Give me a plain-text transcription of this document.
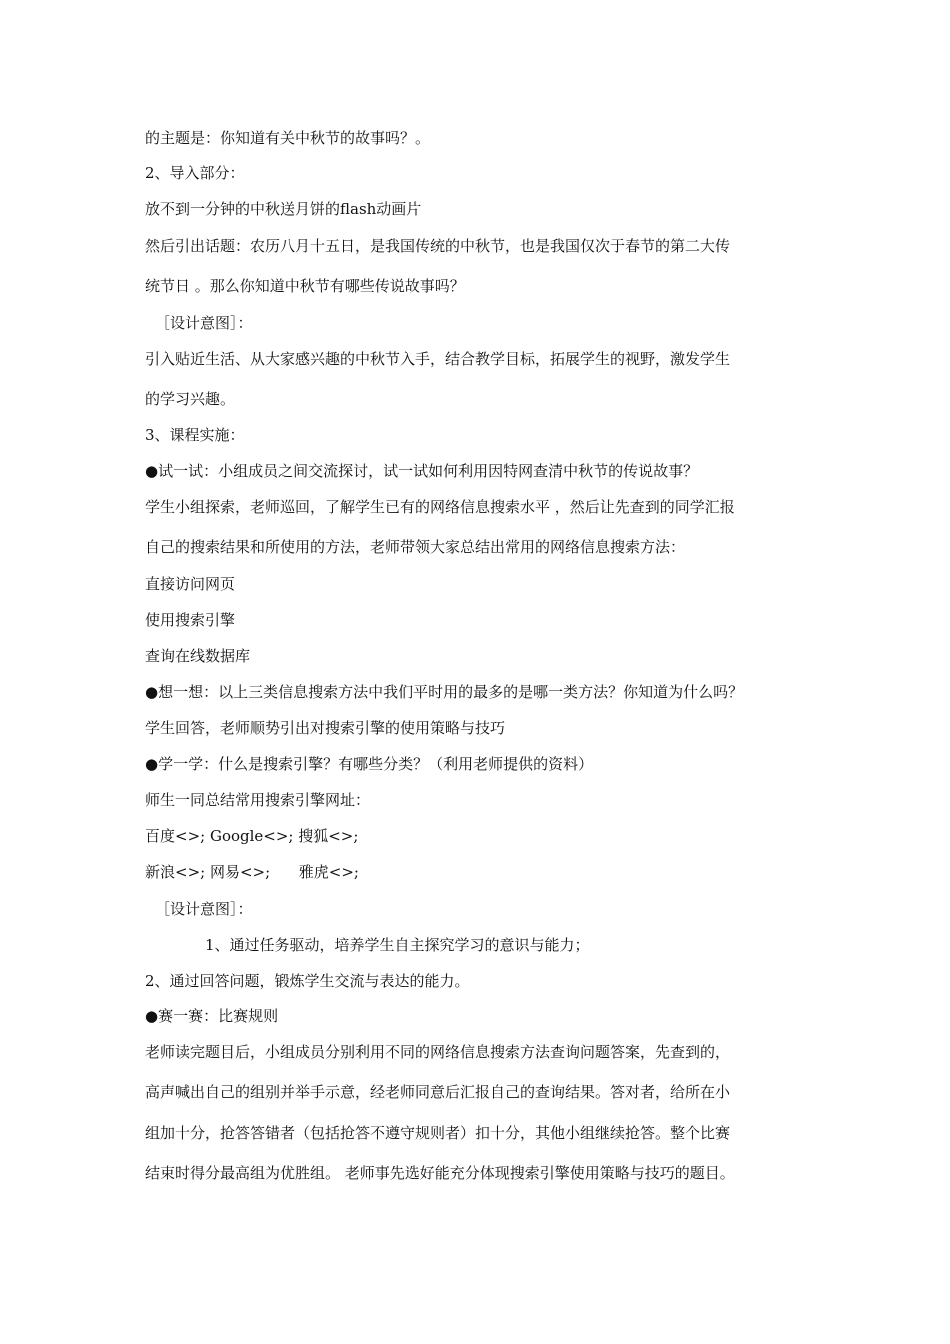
的主题是：你知道有关中秋节的故事吗？。
2、导入部分：
放不到一分钟的中秋送月饼的flash动画片
然后引出话题：农历八月十五日，是我国传统的中秋节，也是我国仅次于春节的第二大传
统节日 。那么你知道中秋节有哪些传说故事吗？
［设计意图］：
引入贴近生活、从大家感兴趣的中秋节入手，结合教学目标，拓展学生的视野，激发学生
的学习兴趣。
3、课程实施：
●试一试：小组成员之间交流探讨，试一试如何利用因特网查清中秋节的传说故事？
学生小组探索，老师巡回，了解学生已有的网络信息搜索水平 ，然后让先查到的同学汇报
自己的搜索结果和所使用的方法，老师带领大家总结出常用的网络信息搜索方法：
直接访问网页
使用搜索引擎
查询在线数据库
●想一想：以上三类信息搜索方法中我们平时用的最多的是哪一类方法？你知道为什么吗？
学生回答，老师顺势引出对搜索引擎的使用策略与技巧
●学一学：什么是搜索引擎？有哪些分类？（利用老师提供的资料）
师生一同总结常用搜索引擎网址：
百度<>; Google<>; 搜狐<>;
新浪<>; 网易<>;      雅虎<>;
［设计意图］：
1、通过任务驱动，培养学生自主探究学习的意识与能力；
2、通过回答问题，锻炼学生交流与表达的能力。
●赛一赛：比赛规则
老师读完题目后，小组成员分别利用不同的网络信息搜索方法查询问题答案，先查到的，
高声喊出自己的组别并举手示意，经老师同意后汇报自己的查询结果。答对者，给所在小
组加十分，抢答答错者（包括抢答不遵守规则者）扣十分，其他小组继续抢答。整个比赛
结束时得分最高组为优胜组。 老师事先选好能充分体现搜索引擎使用策略与技巧的题目。
